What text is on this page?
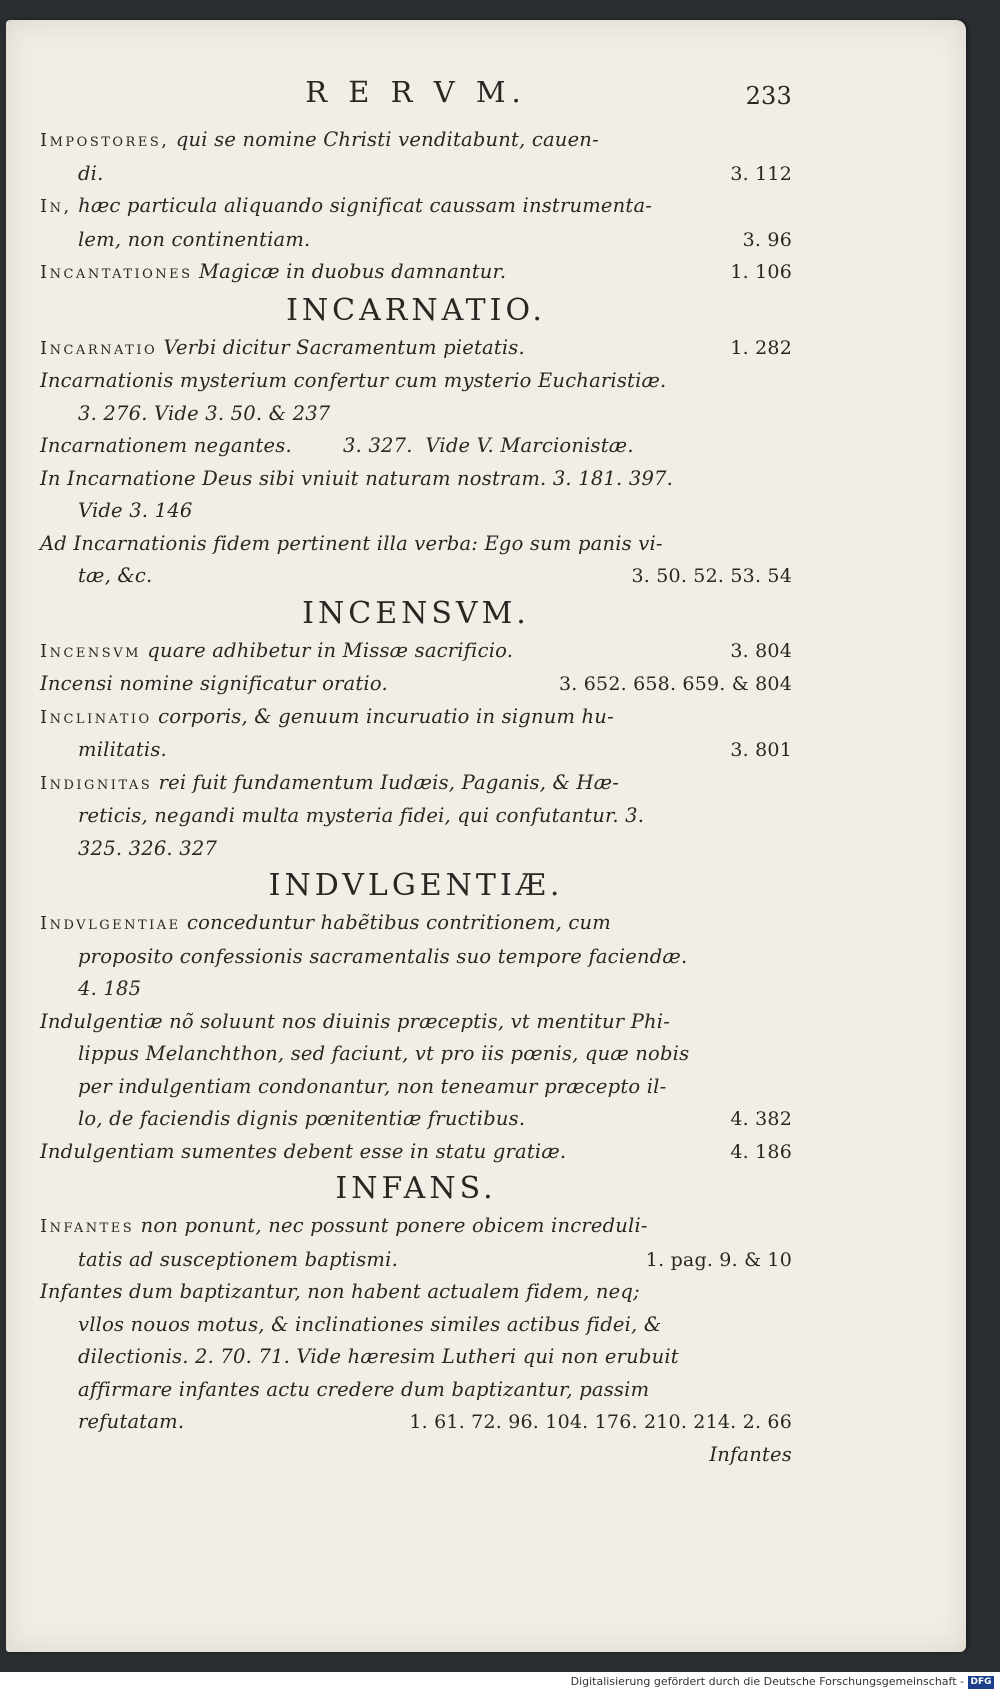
R E R V M.	233
Impostores, qui se nomine Christi venditabunt, cauen-
di.	3. 112
In, hæc particula aliquando significat caussam instrumenta-
lem, non continentiam.	3. 96
Incantationes Magicæ in duobus damnantur.	1. 106
INCARNATIO.
Incarnatio Verbi dicitur Sacramentum pietatis.	1. 282
Incarnationis mysterium confertur cum mysterio Eucharistiæ.
3. 276. Vide 3. 50. & 237
Incarnationem negantes.        3. 327.  Vide V. Marcionistæ.
In Incarnatione Deus sibi vniuit naturam nostram. 3. 181. 397.
Vide 3. 146
Ad Incarnationis fidem pertinent illa verba: Ego sum panis vi-
tæ, &c.	3. 50. 52. 53. 54
INCENSVM.
Incensvm quare adhibetur in Missæ sacrificio.	3. 804
Incensi nomine significatur oratio.	3. 652. 658. 659. & 804
Inclinatio corporis, & genuum incuruatio in signum hu-
militatis.	3. 801
Indignitas rei fuit fundamentum Iudæis, Paganis, & Hæ-
reticis, negandi multa mysteria fidei, qui confutantur. 3.
325. 326. 327
INDVLGENTIÆ.
Indvlgentiae conceduntur habẽtibus contritionem, cum
proposito confessionis sacramentalis suo tempore faciendæ.
4. 185
Indulgentiæ nõ soluunt nos diuinis præceptis, vt mentitur Phi-
lippus Melanchthon, sed faciunt, vt pro iis pœnis, quæ nobis
per indulgentiam condonantur, non teneamur præcepto il-
lo, de faciendis dignis pœnitentiæ fructibus.	4. 382
Indulgentiam sumentes debent esse in statu gratiæ.	4. 186
INFANS.
Infantes non ponunt, nec possunt ponere obicem increduli-
tatis ad susceptionem baptismi.	1. pag. 9. & 10
Infantes dum baptizantur, non habent actualem fidem, neq;
vllos nouos motus, & inclinationes similes actibus fidei, &
dilectionis. 2. 70. 71. Vide hæresim Lutheri qui non erubuit
affirmare infantes actu credere dum baptizantur, passim
refutatam.	1. 61. 72. 96. 104. 176. 210. 214. 2. 66
Infantes
Digitalisierung gefördert durch die Deutsche Forschungsgemeinschaft - DFG
